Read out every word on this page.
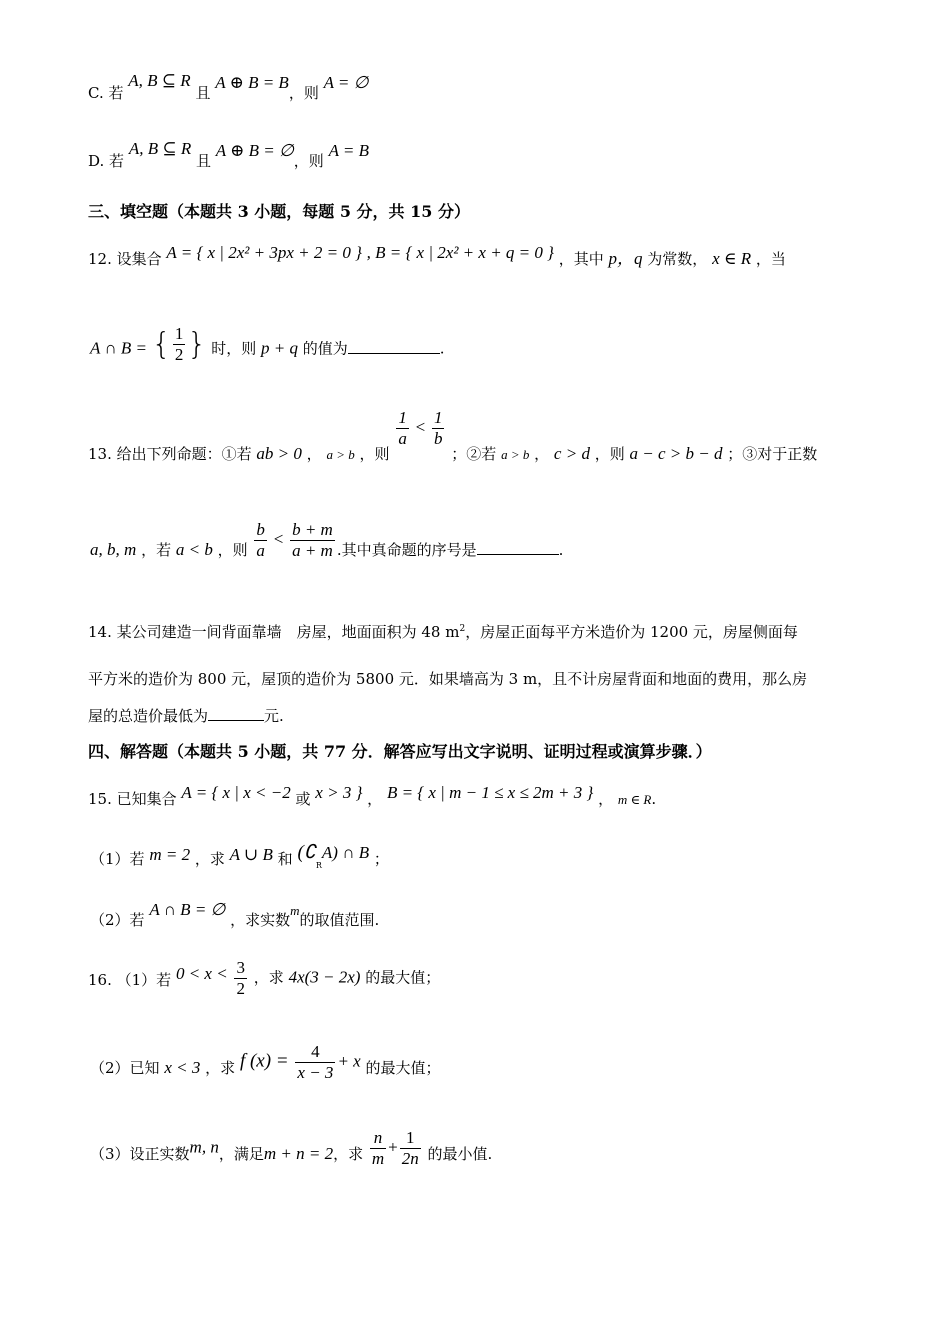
C. 若 A, B ⊆ R 且 A ⊕ B = B，则 A = ∅
D. 若 A, B ⊆ R 且 A ⊕ B = ∅，则 A = B
三、填空题（本题共 3 小题，每题 5 分，共 15 分）
12. 设集合 A = { x | 2x² + 3px + 2 = 0 } , B = { x | 2x² + x + q = 0 } ，其中 p，q 为常数， x ∈ R ，当
A ∩ B = { $\frac{1}{2}$ } 时，则 p + q 的值为	.
13. 给出下列命题：①若 ab > 0 ， a > b ，则
$\frac{1}{a} < \frac{1}{b}$
；②若 a > b ， c > d ，则 a − c > b − d ；③对于正数
a, b, m ，若 a < b ，则 $\frac{b}{a} < \frac{b + m}{a + m}$ .其中真命题的序号是	.
14. 某公司建造一间背面靠墙  房屋，地面面积为 48 $m^2$，房屋正面每平方米造价为 1200 元，房屋侧面每
平方米的造价为 800 元，屋顶的造价为 5800 元．如果墙高为 3 m，且不计房屋背面和地面的费用，那么房
屋的总造价最低为	元.
四、解答题（本题共 5 小题，共 77 分．解答应写出文字说明、证明过程或演算步骤．）
15. 已知集合 A = { x | x < −2 或 x > 3 } ， B = { x | m − 1 ≤ x ≤ 2m + 3 } ， m ∈ R.
（1）若 m = 2 ，求 A ∪ B 和 $(∁_RA)$ ∩ B ；
（2）若 A ∩ B = ∅ ，求实数m的取值范围.
16. （1）若 $0 < x < \frac{3}{2}$ ，求 4x(3 − 2x) 的最大值；
（2）已知 x < 3 ，求 f $(x) = \frac{4}{x - 3} + x$ 的最大值；
（3）设正实数m, n，满足m + n = 2，求 $\frac{n}{m} + \frac{1}{2n}$ 的最小值.
